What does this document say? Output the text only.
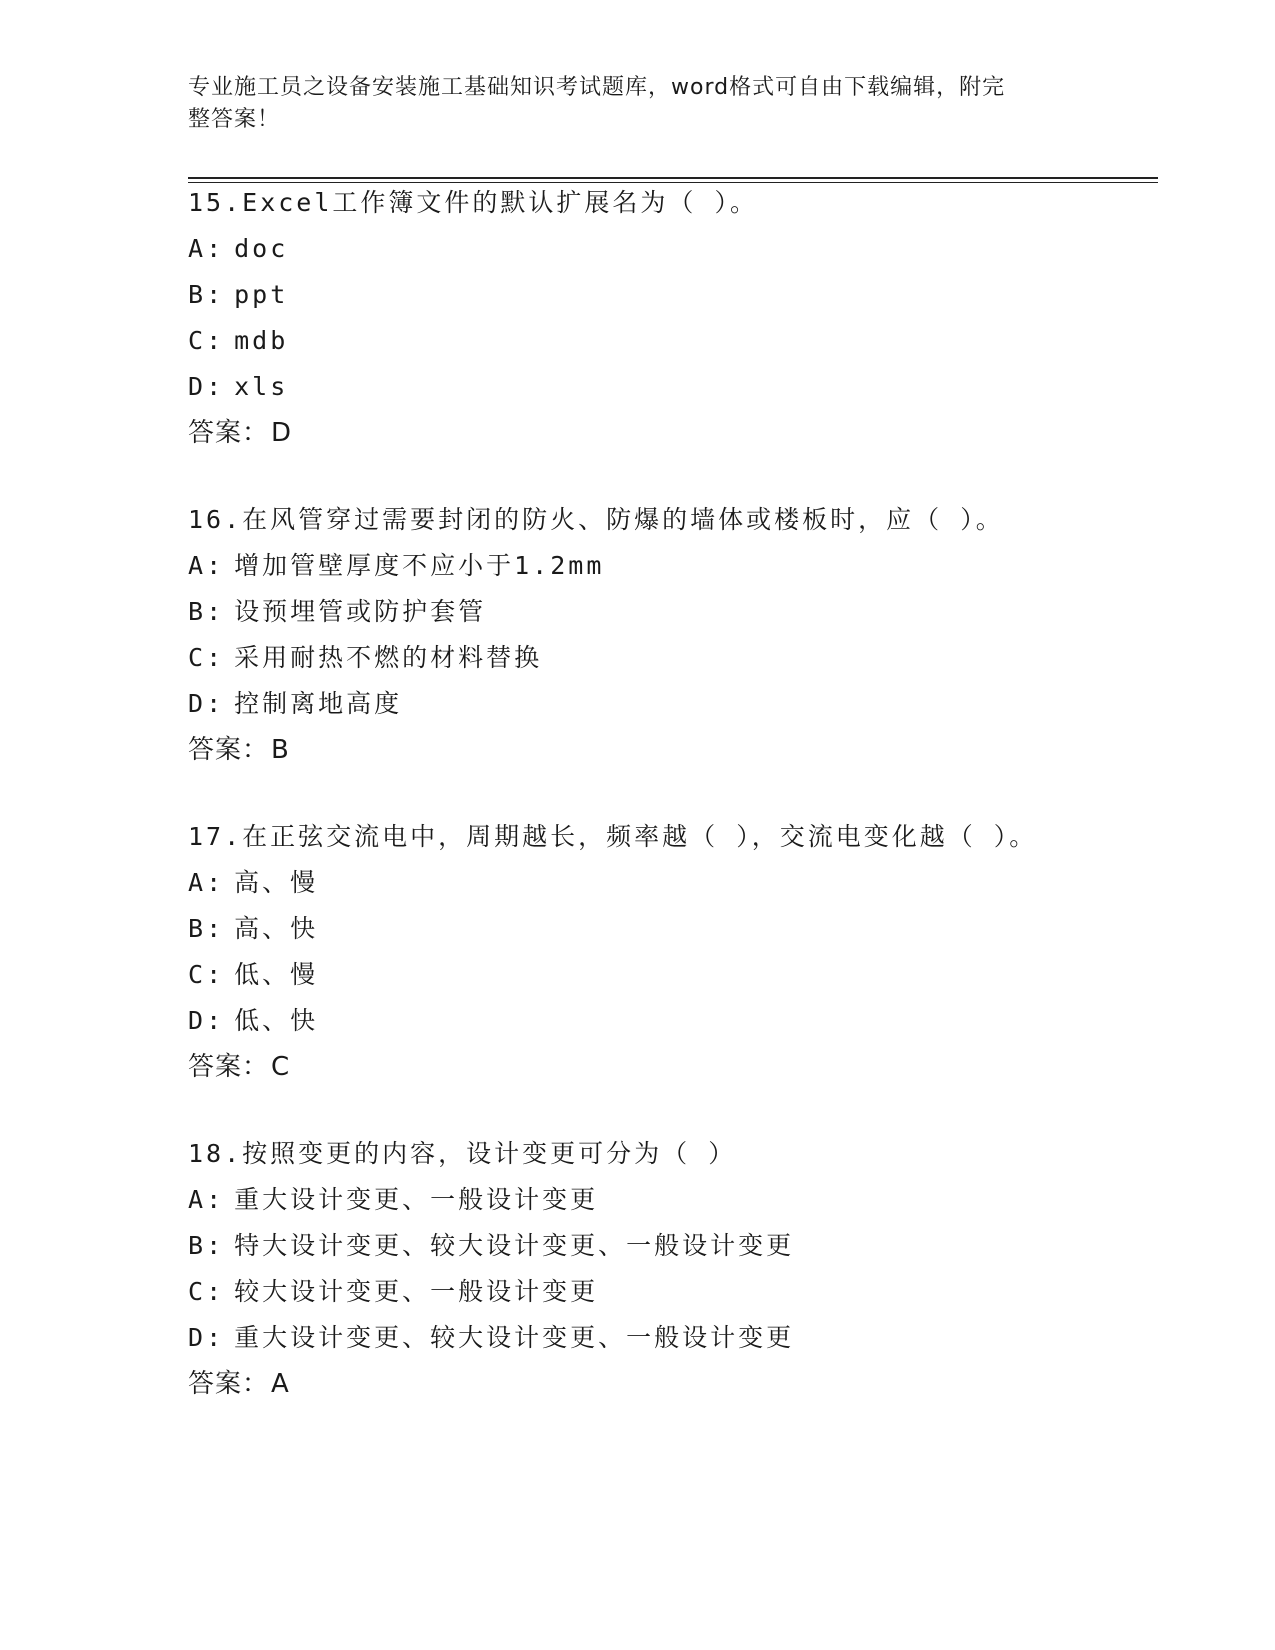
专业施工员之设备安装施工基础知识考试题库，word格式可自由下载编辑，附完
整答案！
15.Excel工作簿文件的默认扩展名为（ ）。
A: doc
B: ppt
C: mdb
D: xls
答案：D
16.在风管穿过需要封闭的防火、防爆的墙体或楼板时，应（ ）。
A: 增加管壁厚度不应小于1.2mm
B: 设预埋管或防护套管
C: 采用耐热不燃的材料替换
D: 控制离地高度
答案：B
17.在正弦交流电中，周期越长，频率越（ ），交流电变化越（ ）。
A: 高、慢
B: 高、快
C: 低、慢
D: 低、快
答案：C
18.按照变更的内容，设计变更可分为（ ）
A: 重大设计变更、一般设计变更
B: 特大设计变更、较大设计变更、一般设计变更
C: 较大设计变更、一般设计变更
D: 重大设计变更、较大设计变更、一般设计变更
答案：A
